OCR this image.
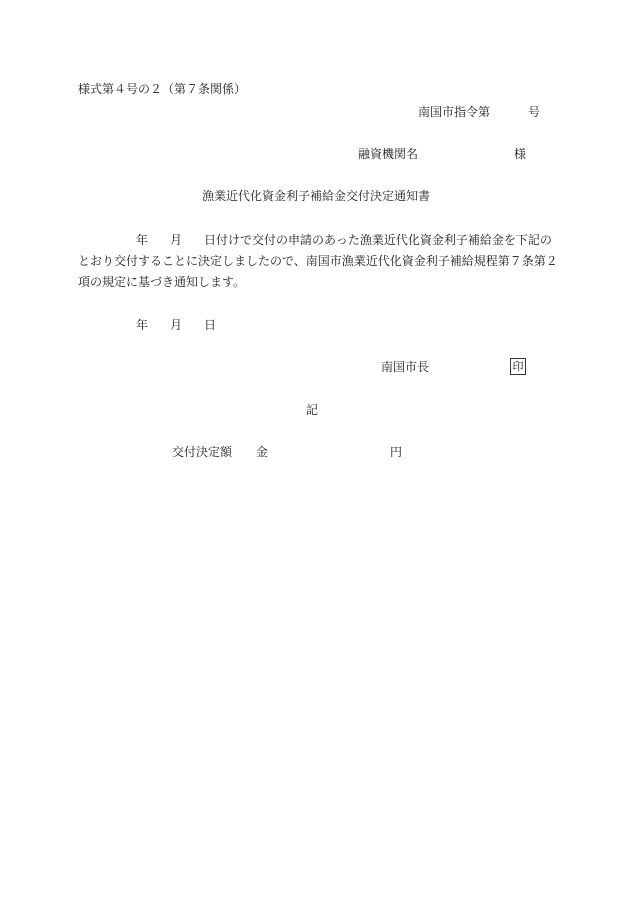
様式第４号の２（第７条関係）
南国市指令第	号
融資機関名	様
漁業近代化資金利子補給金交付決定通知書
年 月 日付けで交付の申請のあった漁業近代化資金利子補給金を下記の
とおり交付することに決定しましたので、南国市漁業近代化資金利子補給規程第７条第２
項の規定に基づき通知します。
年 月 日
南国市長	印
記
交付決定額 金	円
